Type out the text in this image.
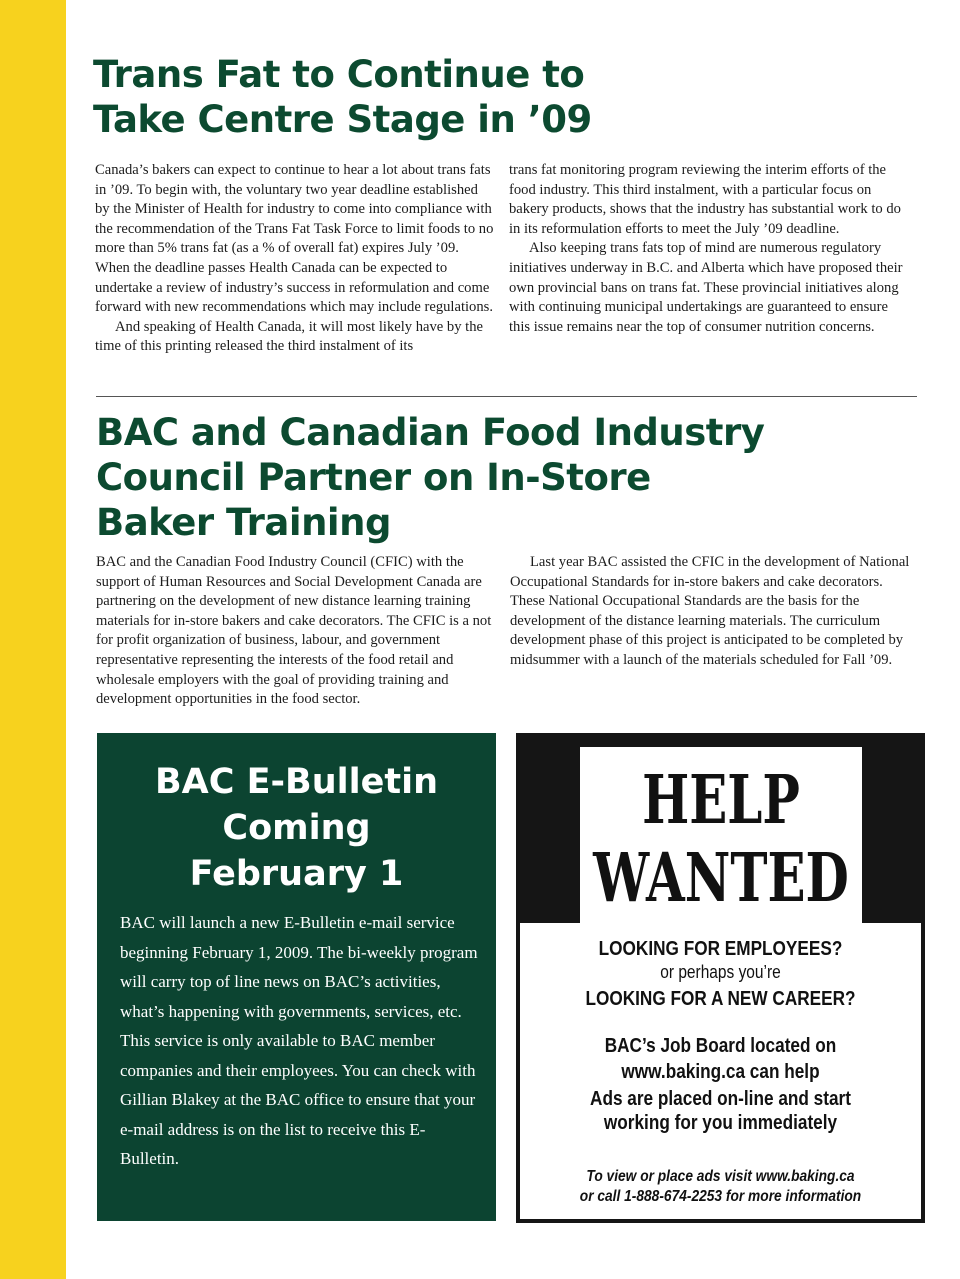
Trans Fat to Continue to
Take Centre Stage in ’09

Canada’s bakers can expect to continue to hear a lot about trans fats in ’09. To begin with, the voluntary two year deadline established by the Minister of Health for industry to come into compliance with the recommendation of the Trans Fat Task Force to limit foods to no more than 5% trans fat (as a % of overall fat) expires July ’09. When the deadline passes Health Canada can be expected to undertake a review of industry’s success in reformulation and come forward with new recommendations which may include regulations.

And speaking of Health Canada, it will most likely have by the time of this printing released the third instalment of its

trans fat monitoring program reviewing the interim efforts of the food industry. This third instalment, with a particular focus on bakery products, shows that the industry has substantial work to do in its reformulation efforts to meet the July ’09 deadline.

Also keeping trans fats top of mind are numerous regulatory initiatives underway in B.C. and Alberta which have proposed their own provincial bans on trans fat. These provincial initiatives along with continuing municipal undertakings are guaranteed to ensure this issue remains near the top of consumer nutrition concerns.

BAC and Canadian Food Industry
Council Partner on In-Store
Baker Training

BAC and the Canadian Food Industry Council (CFIC) with the support of Human Resources and Social Development Canada are partnering on the development of new distance learning training materials for in-store bakers and cake decorators. The CFIC is a not for profit organization of business, labour, and government representative representing the interests of the food retail and wholesale employers with the goal of providing training and development opportunities in the food sector.

Last year BAC assisted the CFIC in the development of National Occupational Standards for in-store bakers and cake decorators. These National Occupational Standards are the basis for the development of the distance learning materials. The curriculum development phase of this project is anticipated to be completed by midsummer with a launch of the materials scheduled for Fall ’09.

BAC E-Bulletin
Coming
February 1

BAC will launch a new E-Bulletin e-mail service beginning February 1, 2009. The bi-weekly program will carry top of line news on BAC’s activities, what’s happening with governments, services, etc. This service is only available to BAC member companies and their employees. You can check with Gillian Blakey at the BAC office to ensure that your e-mail address is on the list to receive this E-Bulletin.

HELP
WANTED

LOOKING FOR EMPLOYEES?

or perhaps you’re

LOOKING FOR A NEW CAREER?

BAC’s Job Board located on
www.baking.ca can help

Ads are placed on-line and start
working for you immediately

To view or place ads visit www.baking.ca
or call 1-888-674-2253 for more information
